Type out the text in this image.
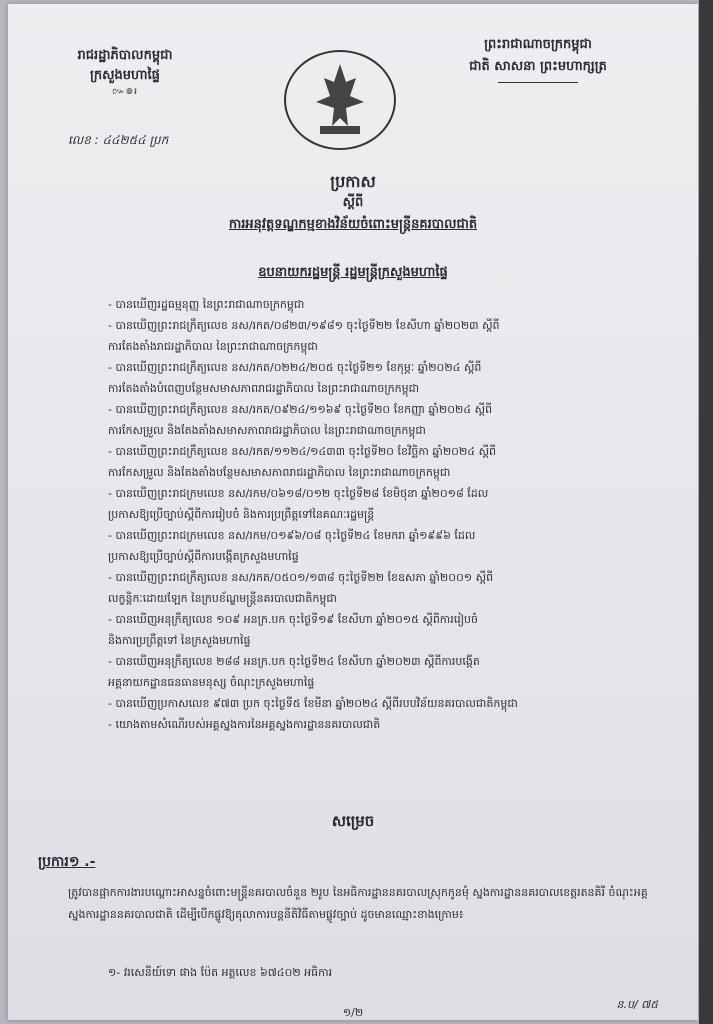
រាជរដ្ឋាភិបាលកម្ពុជា
ក្រសួងមហាផ្ទៃ
៚៙៛
លេខ : ៤៤២៥៤ ប្រក
ព្រះរាជាណាចក្រកម្ពុជា
ជាតិ សាសនា ព្រះមហាក្សត្រ
ប្រកាស
ស្តីពី
ការអនុវត្តទណ្ឌកម្មខាងវិន័យចំពោះមន្ត្រីនគរបាលជាតិ
ឧបនាយករដ្ឋមន្ត្រី រដ្ឋមន្ត្រីក្រសួងមហាផ្ទៃ
- បានឃើញរដ្ឋធម្មនុញ្ញ នៃព្រះរាជាណាចក្រកម្ពុជា
- បានឃើញព្រះរាជក្រឹត្យលេខ នស/រកត/០៨២៣/១៩៨១ ចុះថ្ងៃទី២២ ខែសីហា ឆ្នាំ២០២៣ ស្តីពី
ការតែងតាំងរាជរដ្ឋាភិបាល នៃព្រះរាជាណាចក្រកម្ពុជា
- បានឃើញព្រះរាជក្រឹត្យលេខ នស/រកត/០២២៤/២០៥ ចុះថ្ងៃទី២១ ខែកុម្ភៈ ឆ្នាំ២០២៤ ស្តីពី
ការតែងតាំងបំពេញបន្ថែមសមាសភាពរាជរដ្ឋាភិបាល នៃព្រះរាជាណាចក្រកម្ពុជា
- បានឃើញព្រះរាជក្រឹត្យលេខ នស/រកត/០៩២៤/១១៦៩ ចុះថ្ងៃទី២០ ខែកញ្ញា ឆ្នាំ២០២៤ ស្តីពី
ការកែសម្រួល និងតែងតាំងសមាសភាពរាជរដ្ឋាភិបាល នៃព្រះរាជាណាចក្រកម្ពុជា
- បានឃើញព្រះរាជក្រឹត្យលេខ នស/រកត/១១២៤/១៤៣៣ ចុះថ្ងៃទី២០ ខែវិច្ឆិកា ឆ្នាំ២០២៤ ស្តីពី
ការកែសម្រួល និងតែងតាំងបន្ថែមសមាសភាពរាជរដ្ឋាភិបាល នៃព្រះរាជាណាចក្រកម្ពុជា
- បានឃើញព្រះរាជក្រមលេខ នស/រកម/០៦១៨/០១២ ចុះថ្ងៃទី២៨ ខែមិថុនា ឆ្នាំ២០១៨ ដែល
ប្រកាសឱ្យប្រើច្បាប់ស្តីពីការរៀបចំ និងការប្រព្រឹត្តទៅនៃគណៈរដ្ឋមន្ត្រី
- បានឃើញព្រះរាជក្រមលេខ នស/រកម/០១៩៦/០៨ ចុះថ្ងៃទី២៤ ខែមករា ឆ្នាំ១៩៩៦ ដែល
ប្រកាសឱ្យប្រើច្បាប់ស្តីពីការបង្កើតក្រសួងមហាផ្ទៃ
- បានឃើញព្រះរាជក្រឹត្យលេខ នស/រកត/០៥០១/១៣៨ ចុះថ្ងៃទី២២ ខែឧសភា ឆ្នាំ២០០១ ស្តីពី
លក្ខន្តិកៈដោយឡែក នៃក្របខ័ណ្ឌមន្ត្រីនគរបាលជាតិកម្ពុជា
- បានឃើញអនុក្រឹត្យលេខ ១០៩ អនក្រ.បក ចុះថ្ងៃទី១៩ ខែសីហា ឆ្នាំ២០១៥ ស្តីពីការរៀបចំ
និងការប្រព្រឹត្តទៅ នៃក្រសួងមហាផ្ទៃ
- បានឃើញអនុក្រឹត្យលេខ ២៨៨ អនក្រ.បក ចុះថ្ងៃទី២៤ ខែសីហា ឆ្នាំ២០២៣ ស្តីពីការបង្កើត
អគ្គនាយកដ្ឋានធនធានមនុស្ស ចំណុះក្រសួងមហាផ្ទៃ
- បានឃើញប្រកាសលេខ ៩៧៣ ប្រក ចុះថ្ងៃទី៥ ខែមីនា ឆ្នាំ២០២៤ ស្តីពីរបបវិន័យនគរបាលជាតិកម្ពុជា
- យោងតាមសំណើរបស់អគ្គស្នងការនៃអគ្គស្នងការដ្ឋាននគរបាលជាតិ
សម្រេច
ប្រការ១ .-

ត្រូវបានផ្អាកការងារបណ្តោះអាសន្នចំពោះមន្ត្រីនគរបាលចំនួន ២រូប នៃអធិការដ្ឋាននគរបាលស្រុកកូនមុំ ស្នងការដ្ឋាននគរបាលខេត្តរតនគិរី ចំណុះអគ្គស្នងការដ្ឋាននគរបាលជាតិ ដើម្បីបើកផ្លូវឱ្យតុលាការបន្តនីតិវិធីតាមផ្លូវច្បាប់ ដូចមានឈ្មោះខាងក្រោម៖

១- វរសេនីយ៍ទោ ផាង ប៉ែត អត្តលេខ ៦៧៤០២ អធិការ
១/២
ន.ប/ ៧៥
